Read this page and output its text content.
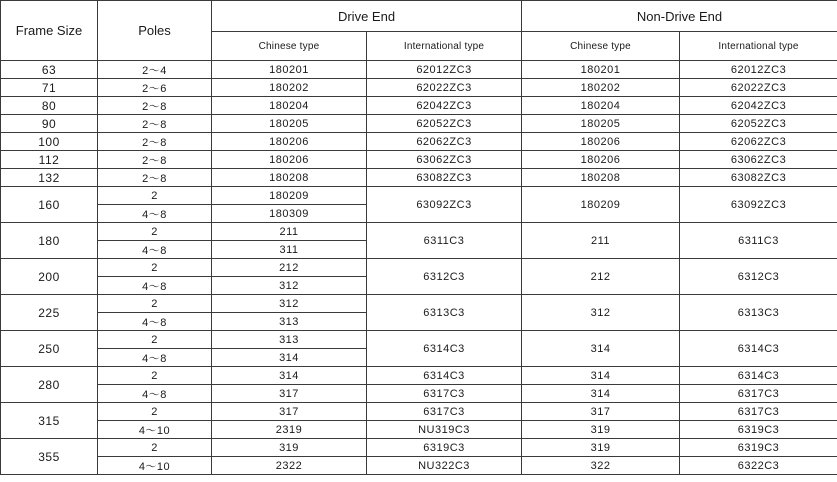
Frame Size	Poles	Drive End		Non-Drive End	
		Chinese type	International type	Chinese type	International type
63	2～4	180201	62012ZC3	180201	62012ZC3
71	2～6	180202	62022ZC3	180202	62022ZC3
80	2～8	180204	62042ZC3	180204	62042ZC3
90	2～8	180205	62052ZC3	180205	62052ZC3
100	2～8	180206	62062ZC3	180206	62062ZC3
112	2～8	180206	63062ZC3	180206	63062ZC3
132	2～8	180208	63082ZC3	180208	63082ZC3
160	2	180209	63092ZC3	180209	63092ZC3
	4～8	180309			
180	2	211	6311C3	211	6311C3
	4～8	311			
200	2	212	6312C3	212	6312C3
	4～8	312			
225	2	312	6313C3	312	6313C3
	4～8	313			
250	2	313	6314C3	314	6314C3
	4～8	314			
280	2	314	6314C3	314	6314C3
	4～8	317	6317C3	314	6317C3
315	2	317	6317C3	317	6317C3
	4～10	2319	NU319C3	319	6319C3
355	2	319	6319C3	319	6319C3
	4～10	2322	NU322C3	322	6322C3
